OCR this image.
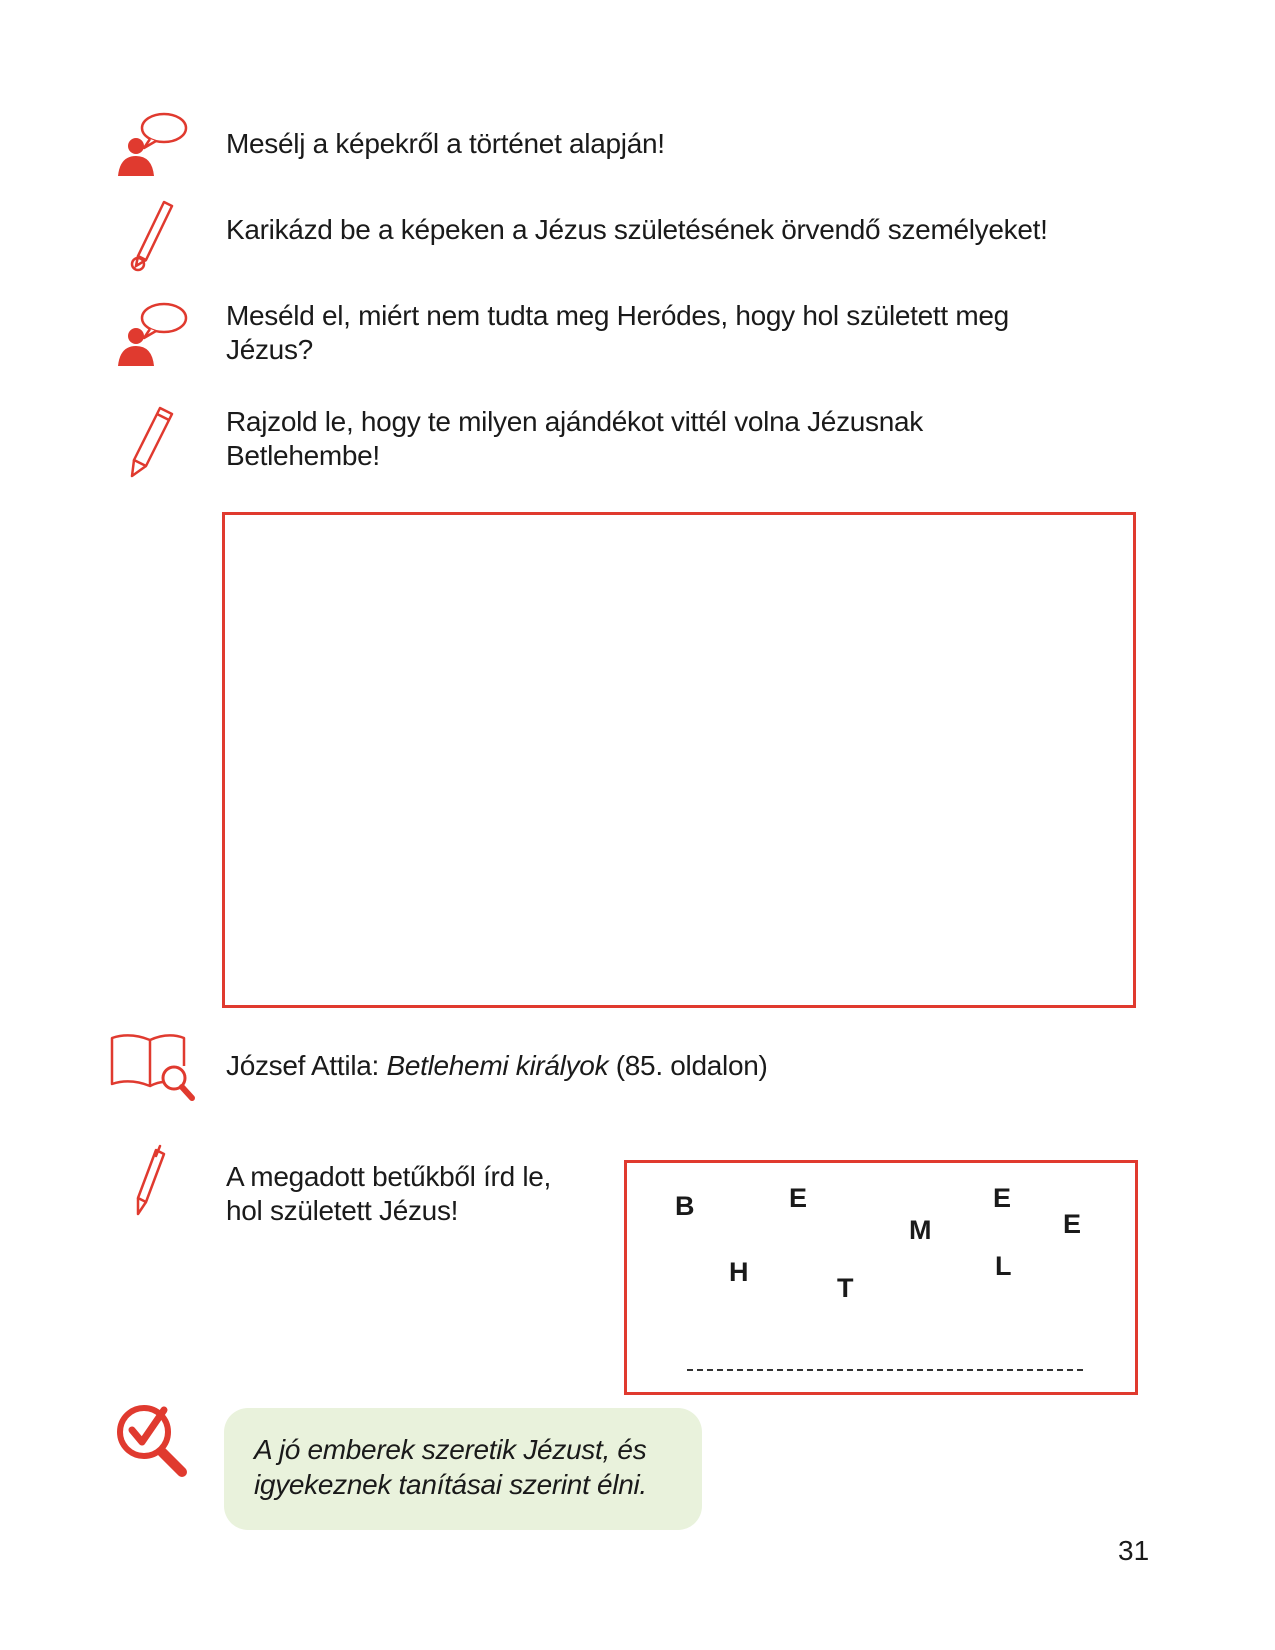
Mesélj a képekről a történet alapján!
Karikázd be a képeken a Jézus születésének örvendő személyeket!
Meséld el, miért nem tudta meg Heródes, hogy hol született meg
Jézus?
Rajzold le, hogy te milyen ajándékot vittél volna Jézusnak
Betlehembe!
József Attila: Betlehemi királyok (85. oldalon)
A megadott betűkből írd le,
hol született Jézus!	B	E	E
M	E
H	L
T
A jó emberek szeretik Jézust, és
igyekeznek tanításai szerint élni.
31
